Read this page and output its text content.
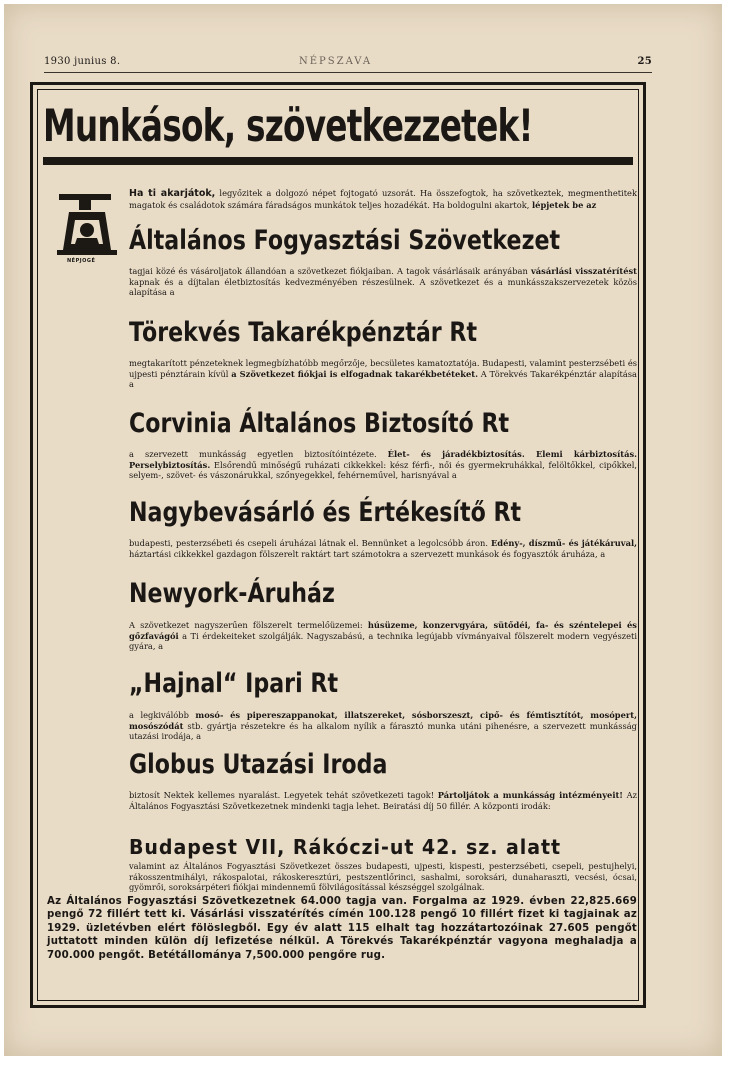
1930 junius 8.	NÉPSZAVA	25
Munkások, szövetkezzetek!
NÉPJOGÉ

Ha ti akarjátok, legyőzitek a dolgozó népet fojtogató uzsorát. Ha összefogtok, ha szövetkeztek, megmenthetitek magatok és családotok számára fáradságos munkátok teljes hozadékát. Ha boldogulni akartok, lépjetek be az

Általános Fogyasztási Szövetkezet

tagjai közé és vásároljatok állandóan a szövetkezet fiókjaiban. A tagok vásárlásaik arányában vásárlási visszatérítést kapnak és a díjtalan életbiztosítás kedvezményében részesülnek. A szövetkezet és a munkásszakszervezetek közös alapítása a

Törekvés Takarékpénztár Rt

megtakarított pénzeteknek legmegbízhatóbb megőrzője, becsületes kamatoztatója. Budapesti, valamint pesterzsébeti és ujpesti pénztárain kívül a Szövetkezet fiókjai is elfogadnak takarékbetéteket. A Törekvés Takarékpénztár alapítása a

Corvinia Általános Biztosító Rt

a szervezett munkásság egyetlen biztosítóintézete. Élet- és járadékbiztosítás. Elemi kárbiztosítás. Perselybiztosítás. Elsőrendű minőségű ruházati cikkekkel: kész férfi-, női és gyermekruhákkal, felöltőkkel, cipőkkel, selyem-, szövet- és vászonárukkal, szőnyegekkel, fehérneművel, harisnyával a

Nagybevásárló és Értékesítő Rt

budapesti, pesterzsébeti és csepeli áruházai látnak el. Bennünket a legolcsóbb áron. Edény-, díszmű- és játékáruval, háztartási cikkekkel gazdagon fölszerelt raktárt tart számotokra a szervezett munkások és fogyasztók áruháza, a

Newyork-Áruház

A szövetkezet nagyszerűen fölszerelt termelőüzemei: húsüzeme, konzervgyára, sütődéi, fa- és széntelepei és gőzfavágói a Ti érdekeiteket szolgálják. Nagyszabású, a technika legújabb vívmányaival fölszerelt modern vegyészeti gyára, a

„Hajnal“ Ipari Rt

a legkiválóbb mosó- és pipereszappanokat, illatszereket, sósborszeszt, cipő- és fémtisztítót, mosópert, mosószódát stb. gyártja részetekre és ha alkalom nyílik a fárasztó munka utáni pihenésre, a szervezett munkásság utazási irodája, a

Globus Utazási Iroda

biztosít Nektek kellemes nyaralást. Legyetek tehát szövetkezeti tagok! Pártoljátok a munkásság intézményeit! Az Általános Fogyasztási Szövetkezetnek mindenki tagja lehet. Beiratási díj 50 fillér. A központi irodák:

Budapest VII, Rákóczi-ut 42. sz. alatt

valamint az Általános Fogyasztási Szövetkezet összes budapesti, ujpesti, kispesti, pesterzsébeti, csepeli, pestujhelyi, rákosszentmihályi, rákospalotai, rákoskeresztúri, pestszentlőrinci, sashalmi, soroksári, dunaharaszti, vecsési, ócsai, gyömrői, soroksárpéteri fiókjai mindennemű fölvilágosítással készséggel szolgálnak.

Az Általános Fogyasztási Szövetkezetnek 64.000 tagja van. Forgalma az 1929. évben 22,825.669 pengő 72 fillért tett ki. Vásárlási visszatérítés címén 100.128 pengő 10 fillért fizet ki tagjainak az 1929. üzletévben elért fölöslegből. Egy év alatt 115 elhalt tag hozzátartozóinak 27.605 pengőt juttatott minden külön díj lefizetése nélkül. A Törekvés Takarékpénztár vagyona meghaladja a 700.000 pengőt. Betétállománya 7,500.000 pengőre rug.
